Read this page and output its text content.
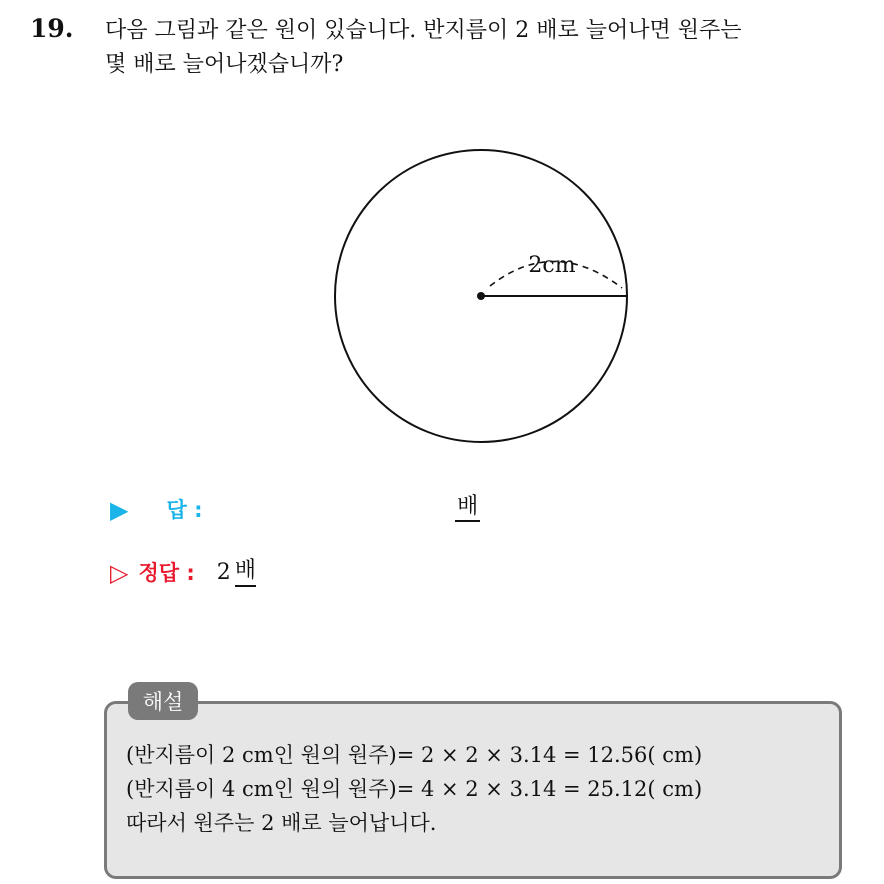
19. 다음 그림과 같은 원이 있습니다. 반지름이 2 배로 늘어나면 원주는
몇 배로 늘어나겠습니까?
2cm
▶ 답 :	배
▷ 정답 : 2 배
해설
(반지름이 2 cm인 원의 원주)= 2 × 2 × 3.14 = 12.56( cm)
(반지름이 4 cm인 원의 원주)= 4 × 2 × 3.14 = 25.12( cm)
따라서 원주는 2 배로 늘어납니다.
